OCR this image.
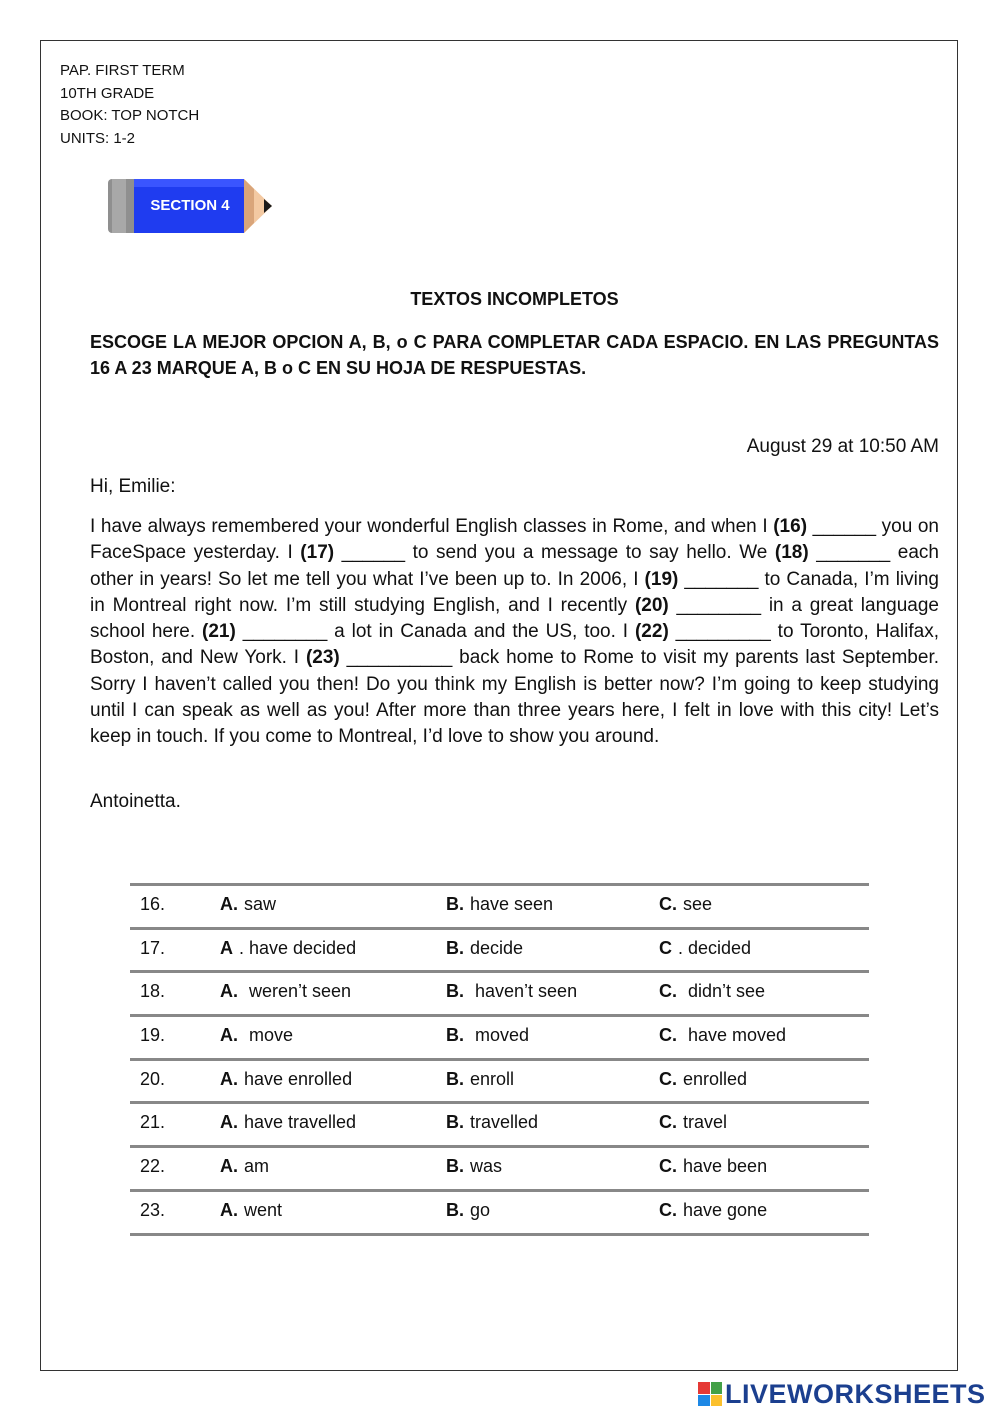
PAP. FIRST TERM
10TH GRADE
BOOK: TOP NOTCH
UNITS: 1-2
SECTION 4
TEXTOS INCOMPLETOS
ESCOGE LA MEJOR OPCION A, B, o C PARA COMPLETAR CADA ESPACIO. EN LAS PREGUNTAS 16 A 23 MARQUE A, B o C EN SU HOJA DE RESPUESTAS.
August 29 at 10:50 AM
Hi, Emilie:
I have always remembered your wonderful English classes in Rome, and when I (16) ______ you on FaceSpace yesterday. I (17) ______ to send you a message to say hello. We (18) _______ each other in years! So let me tell you what I’ve been up to. In 2006, I (19) _______ to Canada, I’m living in Montreal right now. I’m still studying English, and I recently (20) ________ in a great language school here. (21) ________ a lot in Canada and the US, too. I (22) _________ to Toronto, Halifax, Boston, and New York. I (23) __________ back home to Rome to visit my parents last September. Sorry I haven’t called you then! Do you think my English is better now? I’m going to keep studying until I can speak as well as you! After more than three years here, I felt in love with this city! Let’s keep in touch. If you come to Montreal, I’d love to show you around.
Antoinetta.
16.	A. saw	B. have seen	C. see
17.	A . have decided	B. decide	C . decided
18.	A. weren’t seen	B. haven’t seen	C. didn’t see
19.	A. move	B. moved	C. have moved
20.	A. have enrolled	B. enroll	C. enrolled
21.	A. have travelled	B. travelled	C. travel
22.	A. am	B. was	C. have been
23.	A. went	B. go	C. have gone
LIVEWORKSHEETS
